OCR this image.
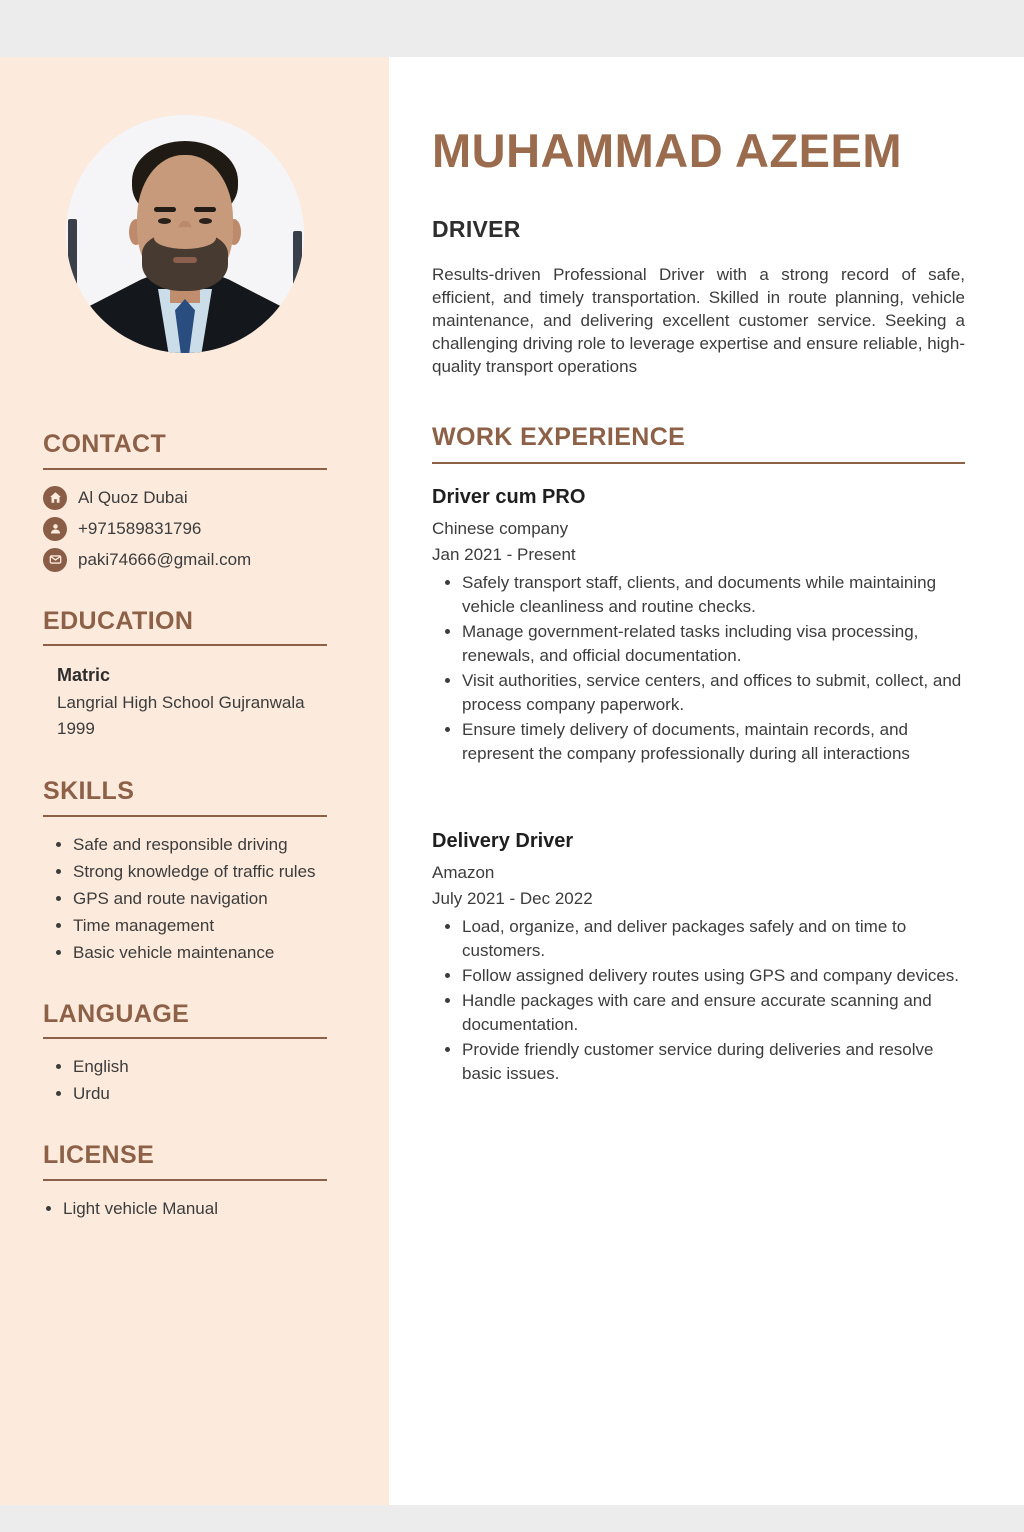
CONTACT
Al Quoz Dubai
+971589831796
paki74666@gmail.com
EDUCATION
Matric
Langrial High School Gujranwala
1999
SKILLS
• Safe and responsible driving
• Strong knowledge of traffic rules
• GPS and route navigation
• Time management
• Basic vehicle maintenance
LANGUAGE
• English
• Urdu
LICENSE
• Light vehicle Manual
MUHAMMAD AZEEM
DRIVER

Results-driven Professional Driver with a strong record of safe, efficient, and timely transportation. Skilled in route planning, vehicle maintenance, and delivering excellent customer service. Seeking a challenging driving role to leverage expertise and ensure reliable, high-quality transport operations

WORK EXPERIENCE
Driver cum PRO
Chinese company
Jan 2021 - Present
• Safely transport staff, clients, and documents while maintaining vehicle cleanliness and routine checks.
• Manage government-related tasks including visa processing, renewals, and official documentation.
• Visit authorities, service centers, and offices to submit, collect, and process company paperwork.
• Ensure timely delivery of documents, maintain records, and represent the company professionally during all interactions
Delivery Driver
Amazon
July 2021 - Dec 2022
• Load, organize, and deliver packages safely and on time to customers.
• Follow assigned delivery routes using GPS and company devices.
• Handle packages with care and ensure accurate scanning and documentation.
• Provide friendly customer service during deliveries and resolve basic issues.
